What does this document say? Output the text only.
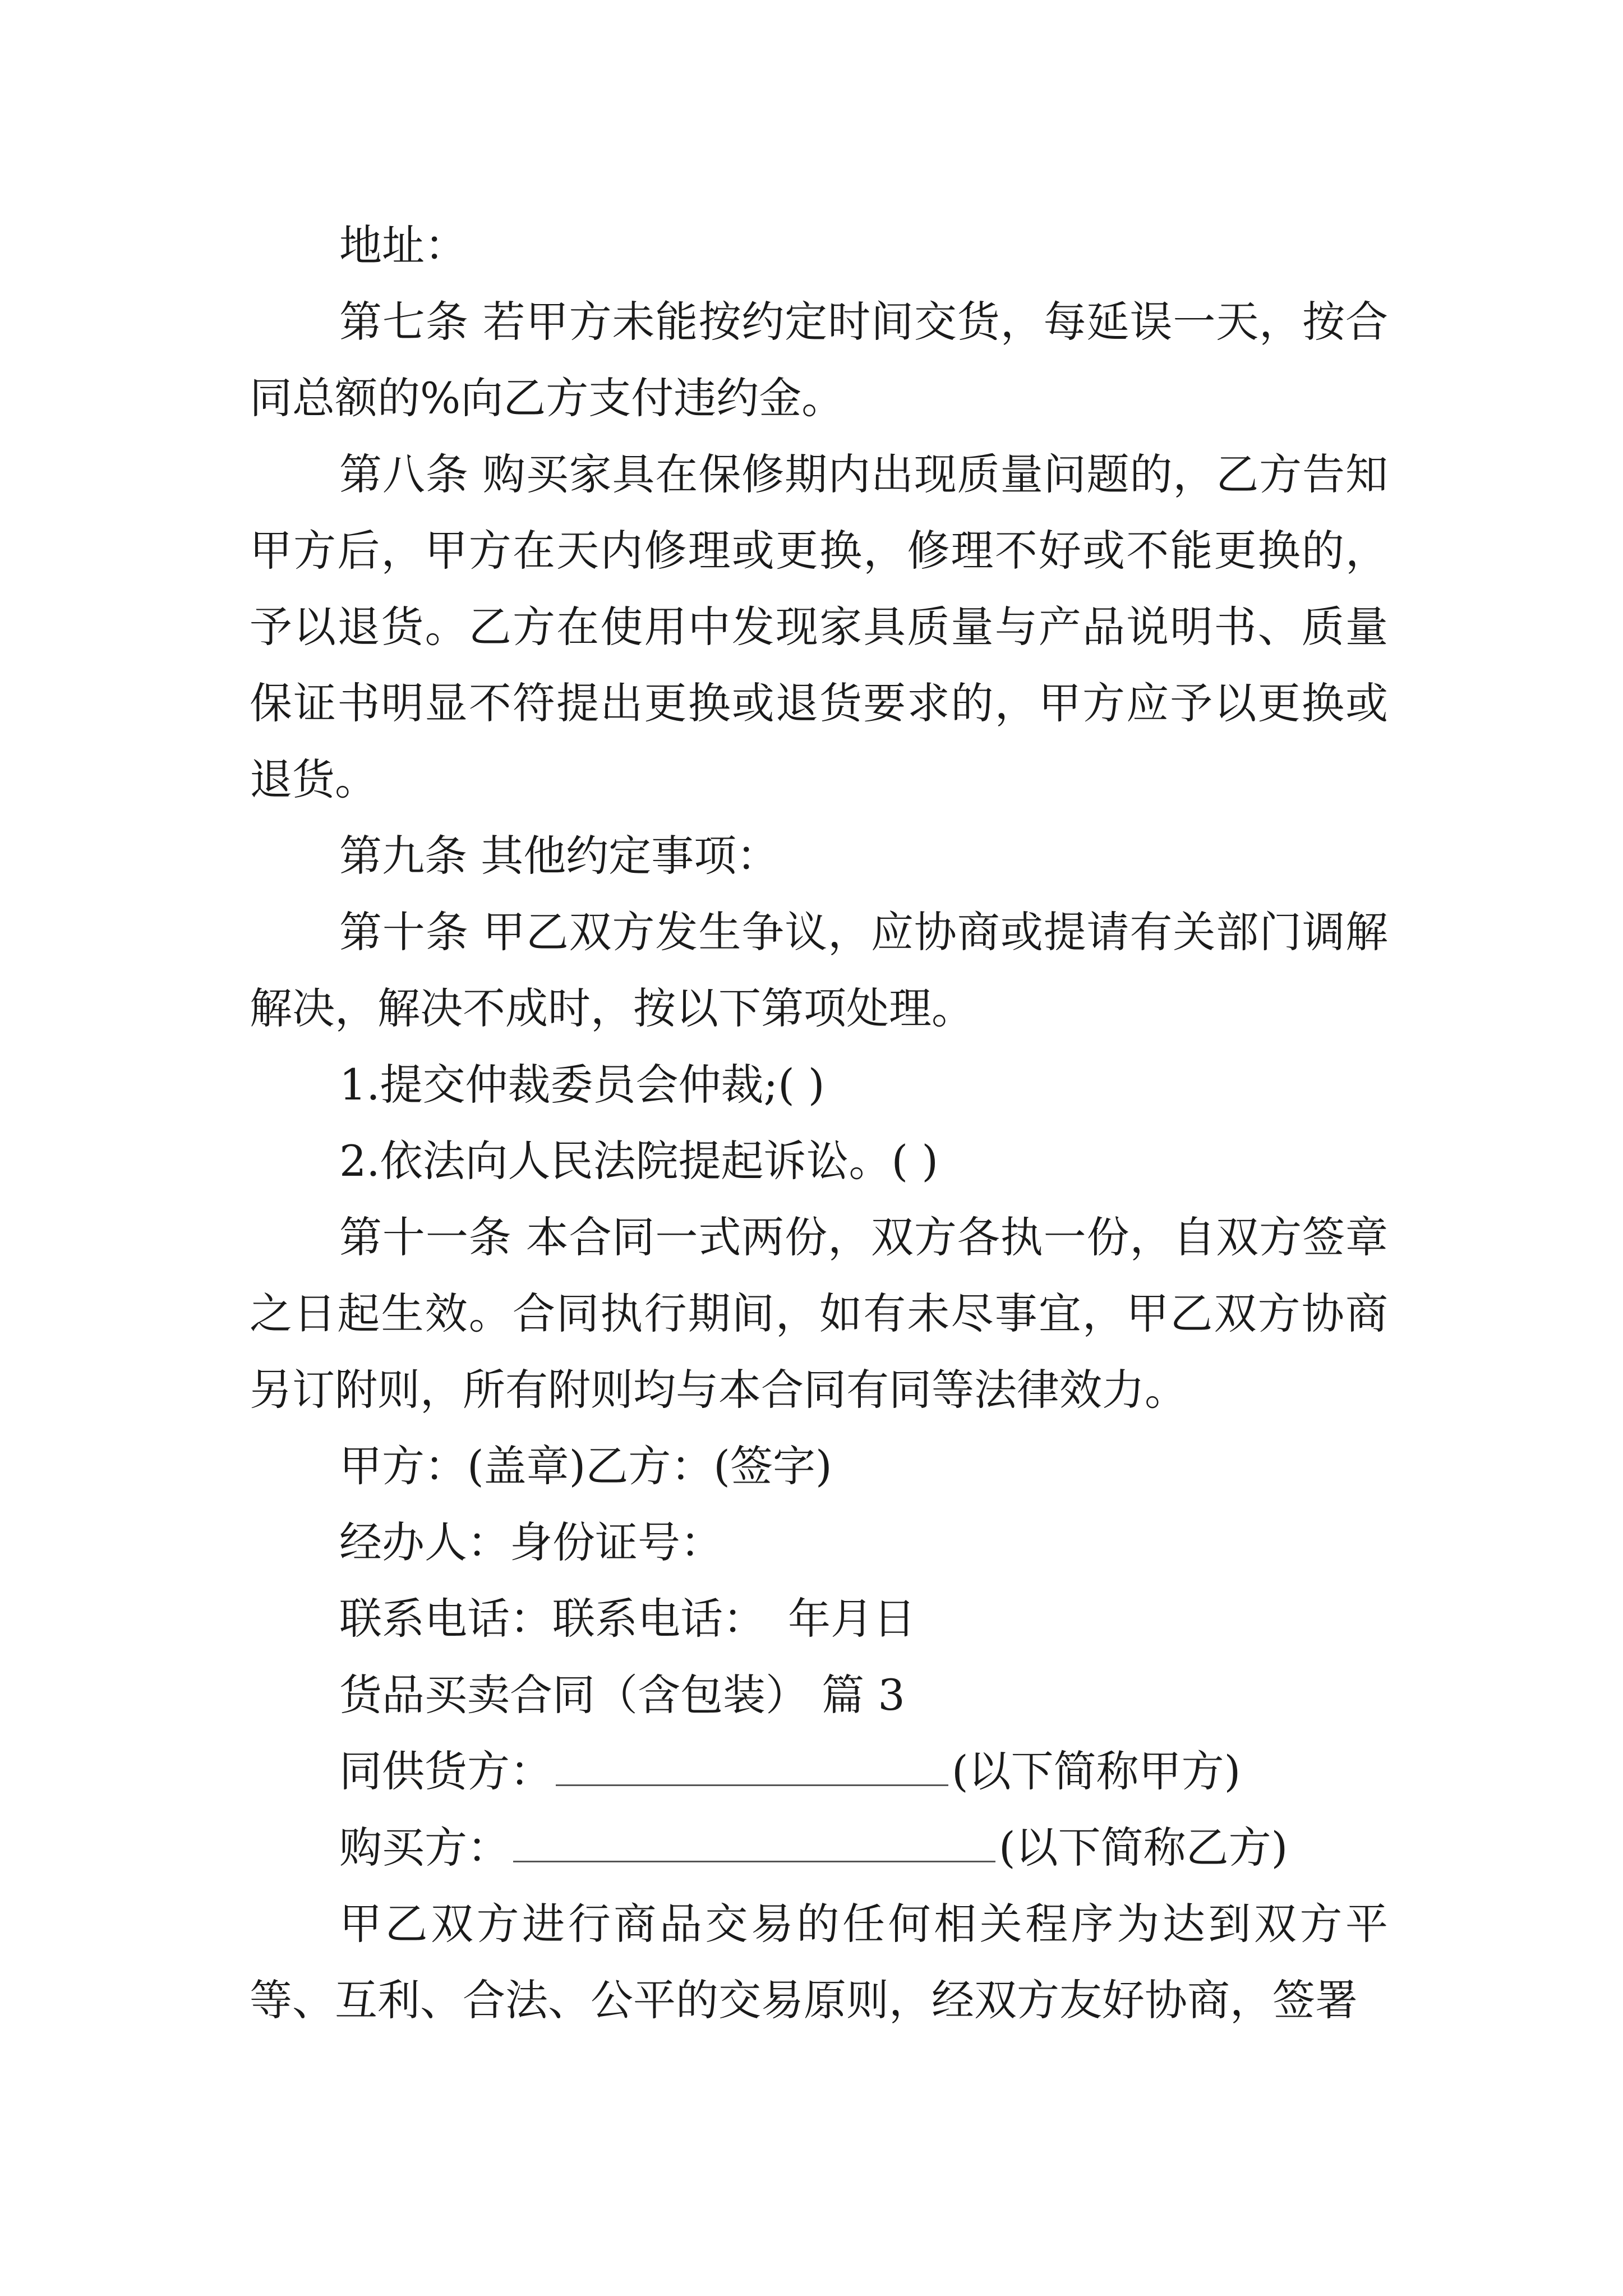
地址：

第七条 若甲方未能按约定时间交货，每延误一天，按合同总额的%向乙方支付违约金。

第八条 购买家具在保修期内出现质量问题的，乙方告知甲方后，甲方在天内修理或更换，修理不好或不能更换的，予以退货。乙方在使用中发现家具质量与产品说明书、质量保证书明显不符提出更换或退货要求的，甲方应予以更换或退货。

第九条 其他约定事项：

第十条 甲乙双方发生争议，应协商或提请有关部门调解解决，解决不成时，按以下第项处理。

1.提交仲裁委员会仲裁;( )

2.依法向人民法院提起诉讼。( )

第十一条 本合同一式两份，双方各执一份，自双方签章之日起生效。合同执行期间，如有未尽事宜，甲乙双方协商另订附则，所有附则均与本合同有同等法律效力。

甲方：(盖章)乙方：(签字)

经办人：身份证号：

联系电话：联系电话： 年月日

货品买卖合同（含包装） 篇 3

同供货方：	(以下简称甲方)

购买方：	(以下简称乙方)

甲乙双方进行商品交易的任何相关程序为达到双方平等、互利、合法、公平的交易原则，经双方友好协商，签署
